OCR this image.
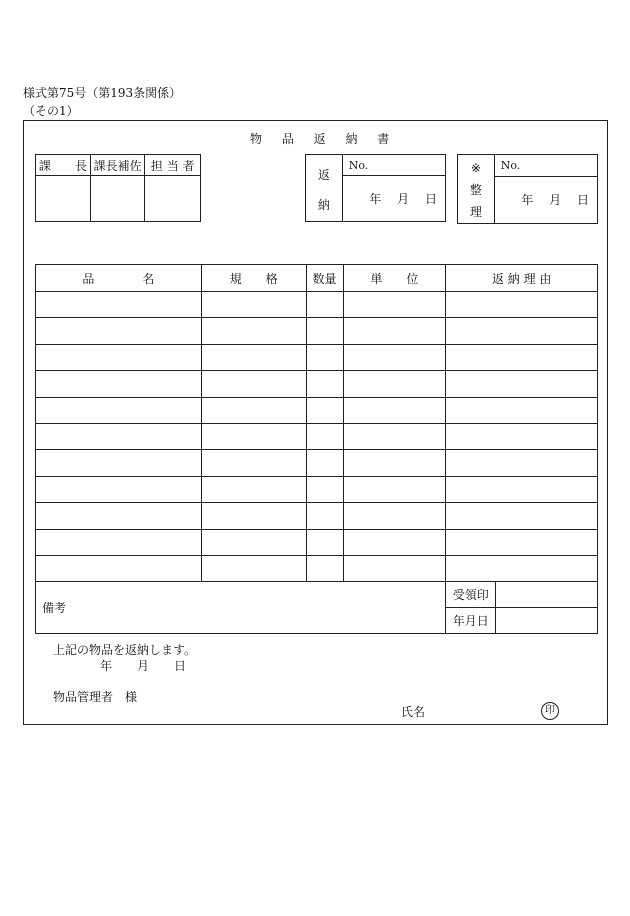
様式第75号（第193条関係）
（その1）
物 品 返 納 書
課　　長	課長補佐	担 当 者

返
納
	No.
年　 月　 日
※
整
理
	No.
年　 月　 日
品　　　　名	規　　格	数量	単　　位	返 納 理 由

備考	受領印	
	年月日	
上記の物品を返納します。
年 月 日
物品管理者　様
氏名	印
